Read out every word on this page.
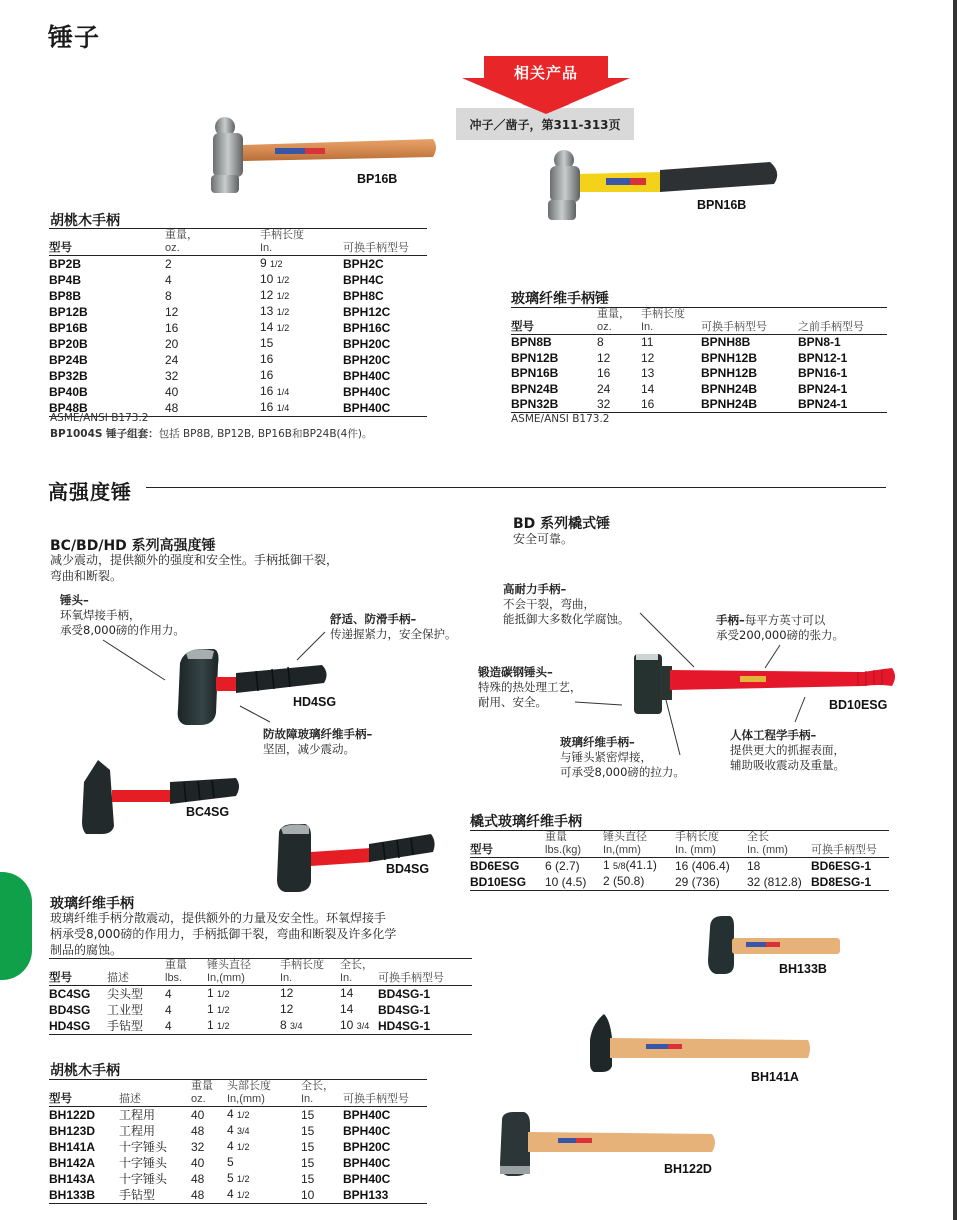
锤子
冲子／凿子，第311-313页
相关产品
BP16B
BPN16B
胡桃木手柄
	重量，	手柄长度	
型号	oz.	In.	可换手柄型号
BP2B	2	9 1/2	BPH2C
BP4B	4	10 1/2	BPH4C
BP8B	8	12 1/2	BPH8C
BP12B	12	13 1/2	BPH12C
BP16B	16	14 1/2	BPH16C
BP20B	20	15	BPH20C
BP24B	24	16	BPH20C
BP32B	32	16	BPH40C
BP40B	40	16 1/4	BPH40C
BP48B	48	16 1/4	BPH40C
ASME/ANSI B173.2
BP1004S 锤子组套：包括 BP8B, BP12B, BP16B和BP24B(4件)。
玻璃纤维手柄锤
	重量，	手柄长度		
型号	oz.	In.	可换手柄型号	之前手柄型号
BPN8B	8	11	BPNH8B	BPN8-1
BPN12B	12	12	BPNH12B	BPN12-1
BPN16B	16	13	BPNH12B	BPN16-1
BPN24B	24	14	BPNH24B	BPN24-1
BPN32B	32	16	BPNH24B	BPN24-1
ASME/ANSI B173.2
高强度锤
BC/BD/HD 系列高强度锤
减少震动，提供额外的强度和安全性。手柄抵御干裂，
弯曲和断裂。
锤头–
环氧焊接手柄，
承受8,000磅的作用力。
舒适、防滑手柄–
传递握紧力，安全保护。
防故障玻璃纤维手柄–
坚固，减少震动。
HD4SG
BC4SG
BD4SG
BD 系列橇式锤
安全可靠。
高耐力手柄–
不会干裂，弯曲，
能抵御大多数化学腐蚀。	手柄–每平方英寸可以
承受200,000磅的张力。
锻造碳钢锤头–
特殊的热处理工艺，
耐用、安全。
玻璃纤维手柄–
与锤头紧密焊接，
可承受8,000磅的拉力。
人体工程学手柄–
提供更大的抓握表面，
辅助吸收震动及重量。
BD10ESG
橇式玻璃纤维手柄
	重量	锤头直径	手柄长度	全长	
型号	lbs.(kg)	In,(mm)	In. (mm)	In. (mm)	可换手柄型号
BD6ESG	6 (2.7)	1 5/8(41.1)	16 (406.4)	18	BD6ESG-1
BD10ESG	10 (4.5)	2 (50.8)	29 (736)	32 (812.8)	BD8ESG-1
玻璃纤维手柄
玻璃纤维手柄分散震动，提供额外的力量及安全性。环氧焊接手
柄承受8,000磅的作用力，手柄抵御干裂，弯曲和断裂及许多化学
制品的腐蚀。
		重量	锤头直径	手柄长度	全长，	
型号	描述	lbs.	In,(mm)	In.	In.	可换手柄型号
BC4SG	尖头型	4	1 1/2	12	14	BD4SG-1
BD4SG	工业型	4	1 1/2	12	14	BD4SG-1
HD4SG	手钻型	4	1 1/2	8 3/4	10 3/4	HD4SG-1
胡桃木手柄
		重量	头部长度	全长，	
型号	描述	oz.	In,(mm)	In.	可换手柄型号
BH122D	工程用	40	4 1/2	15	BPH40C
BH123D	工程用	48	4 3/4	15	BPH40C
BH141A	十字锤头	32	4 1/2	15	BPH20C
BH142A	十字锤头	40	5	15	BPH40C
BH143A	十字锤头	48	5 1/2	15	BPH40C
BH133B	手钻型	48	4 1/2	10	BPH133
BH133B
BH141A
BH122D
